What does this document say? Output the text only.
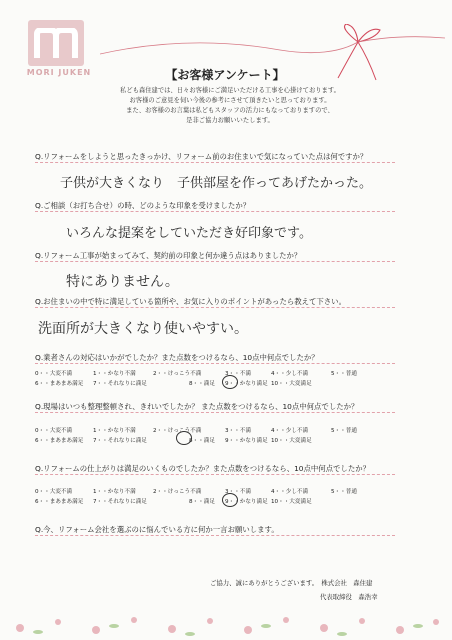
MORI JUKEN	【お客様アンケート】
私ども森住建では、日々お客様にご満足いただける工事を心掛けております。
お客様のご意見を伺い今後の参考にさせて頂きたいと思っております。
また、お客様のお言葉は私どもスタッフの活力にもなっておりますので、
是非ご協力お願いいたします。
Q.リフォームをしようと思ったきっかけ、リフォーム前のお住まいで気になっていた点は何ですか？
子供が大きくなり　子供部屋を作ってあげたかった。
Q.ご相談（お打ち合せ）の時、どのような印象を受けましたか？
いろんな提案をしていただき好印象です。
Q.リフォーム工事が始まってみて、契約前の印象と何か違う点はありましたか？
特にありません。
Q.お住まいの中で特に満足している箇所や、お気に入りのポイントがあったら教えて下さい。
洗面所が大きくなり使いやすい。
Q.業者さんの対応はいかがでしたか？また点数をつけるなら、10点中何点でしたか？
0・・大変不満	1・・かなり不満	2・・けっこう不満	3・・不満	4・・少し不満	5・・普通
6・・まあまあ満足 7・・それなりに満足	8・・満足 9・・かなり満足 10・・大変満足
Q.現場はいつも整理整頓され、きれいでしたか？ また点数をつけるなら、10点中何点でしたか？
0・・大変不満	1・・かなり不満	2・・けっこう不満	3・・不満	4・・少し不満	5・・普通
6・・まあまあ満足 7・・それなりに満足	8・・満足 9・・かなり満足 10・・大変満足
Q.リフォームの仕上がりは満足のいくものでしたか？また点数をつけるなら、10点中何点でしたか？
0・・大変不満	1・・かなり不満	2・・けっこう不満	3・・不満	4・・少し不満	5・・普通
6・・まあまあ満足 7・・それなりに満足	8・・満足 9・・かなり満足 10・・大変満足
Q.今、リフォーム会社を選ぶのに悩んでいる方に何か一言お願いします。
ご協力、誠にありがとうございます。　株式会社　森住建
代表取締役　森浩幸
